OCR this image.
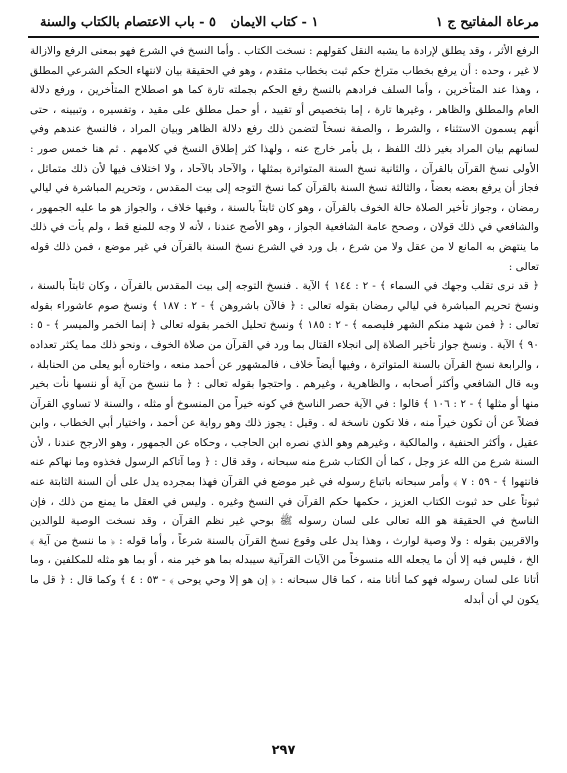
مرعاة المفاتيح ج ١
١ - كتاب الايمان ٥ - باب الاعتصام بالكتاب والسنة

الرفع الأثر ، وقد يطلق لإرادة ما يشبه النقل كقولهم : نسخت الكتاب . وأما النسخ في الشرع فهو بمعنى الرفع والازالة لا غير ، وحده : أن يرفع بخطاب متراخ حكم ثبت بخطاب متقدم ، وهو في الحقيقة بيان لانتهاء الحكم الشرعي المطلق ، وهذا عند المتأخرين ، وأما السلف فرادهم بالنسخ رفع الحكم بجملته تارة كما هو اصطلاح المتأخرين ، ورفع دلالة العام والمطلق والظاهر ، وغيرها تارة ، إما بتخصيص أو تقييد ، أو حمل مطلق على مقيد ، وتفسيره ، وتبيينه ، حتى أنهم يسمون الاستثناء ، والشرط ، والصفة نسخاً لتضمن ذلك رفع دلالة الظاهر وبيان المراد ، فالنسخ عندهم وفي لسانهم بيان المراد بغير ذلك اللفظ ، بل بأمر خارج عنه ، ولهذا كثر إطلاق النسخ في كلامهم . ثم هنا خمس صور : الأولى نسخ القرآن بالقرآن ، والثانية نسخ السنة المتواترة بمثلها ، والآحاد بالآحاد ، ولا اختلاف فيها لأن ذلك متماثل ، فجاز أن يرفع بعضه بعضاً ، والثالثة نسخ السنة بالقرآن كما نسخ التوجه إلى بيت المقدس ، وتحريم المباشرة في ليالي رمضان ، وجواز تأخير الصلاة حالة الخوف بالقرآن ، وهو كان ثابتاً بالسنة ، وفيها خلاف ، والجواز هو ما عليه الجمهور ، والشافعي في ذلك قولان ، وصحح عامة الشافعية الجواز ، وهو الأصح عندنا ، لأنه لا وجه للمنع قط ، ولم يأت في ذلك ما ينتهض به المانع لا من عقل ولا من شرع ، بل ورد في الشرع نسخ السنة بالقرآن في غير موضع ، فمن ذلك قوله تعالى :

﴿ قد نرى تقلب وجهك في السماء ﴾ - ٢ : ١٤٤ ﴾ الآية . فنسخ التوجه إلى بيت المقدس بالقرآن ، وكان ثابتاً بالسنة ، ونسخ تحريم المباشرة في ليالي رمضان بقوله تعالى : ﴿ فالآن باشروهن ﴾ - ٢ : ١٨٧ ﴾ ونسخ صوم عاشوراء بقوله تعالى : ﴿ فمن شهد منكم الشهر فليصمه ﴾ - ٢ : ١٨٥ ﴾ ونسخ تحليل الخمر بقوله تعالى ﴿ إنما الخمر والميسر ﴾ - ٥ : ٩٠ ﴾ الآية . ونسخ جواز تأخير الصلاة إلى انجلاء القتال بما ورد في القرآن من صلاة الخوف ، ونحو ذلك مما يكثر تعداده ، والرابعة نسخ القرآن بالسنة المتواترة ، وفيها أيضاً خلاف ، فالمشهور عن أحمد منعه ، واختاره أبو يعلى من الحنابلة ، وبه قال الشافعي وأكثر أصحابه ، والظاهرية ، وغيرهم . واحتجوا بقوله تعالى : ﴿ ما ننسخ من آية أو ننسها نأت بخير منها أو مثلها ﴾ - ٢ : ١٠٦ ﴾ قالوا : في الآية حصر الناسخ في كونه خيراً من المنسوخ أو مثله ، والسنة لا تساوي القرآن فضلاً عن أن تكون خيراً منه ، فلا تكون ناسخة له . وقيل : يجوز ذلك وهو رواية عن أحمد ، واختيار أبي الخطاب ، وابن عقيل ، وأكثر الحنفية ، والمالكية ، وغيرهم وهو الذي نصره ابن الحاجب ، وحكاه عن الجمهور ، وهو الارجح عندنا ، لأن السنة شرع من الله عز وجل ، كما أن الكتاب شرع منه سبحانه ، وقد قال : ﴿ وما آتاكم الرسول فخذوه وما نهاكم عنه فانتهوا ﴾ - ٥٩ : ٧ ﴾ وأمر سبحانه باتباع رسوله في غير موضع في القرآن فهذا بمجرده يدل على أن السنة الثابتة عنه ثبوتاً على حد ثبوت الكتاب العزيز ، حكمها حكم القرآن في النسخ وغيره . وليس في العقل ما يمنع من ذلك ، فإن الناسخ في الحقيقة هو الله تعالى على لسان رسوله ﷺ بوحي غير نظم القرآن ، وقد نسخت الوصية للوالدين والاقربين بقوله : ولا وصية لوارث ، وهذا يدل على وقوع نسخ القرآن بالسنة شرعاً ، وأما قوله : ﴿ ما ننسخ من آية ﴾ الخ ، فليس فيه إلا أن ما يجعله الله منسوخاً من الآيات القرآنية سيبدله بما هو خير منه ، أو بما هو مثله للمكلفين ، وما أتانا على لسان رسوله فهو كما أتانا منه ، كما قال سبحانه : ﴿ إن هو إلا وحي يوحى ﴾ - ٥٣ : ٤ ﴾ وكما قال : ﴿ قل ما يكون لي أن أبدله

٢٩٧
